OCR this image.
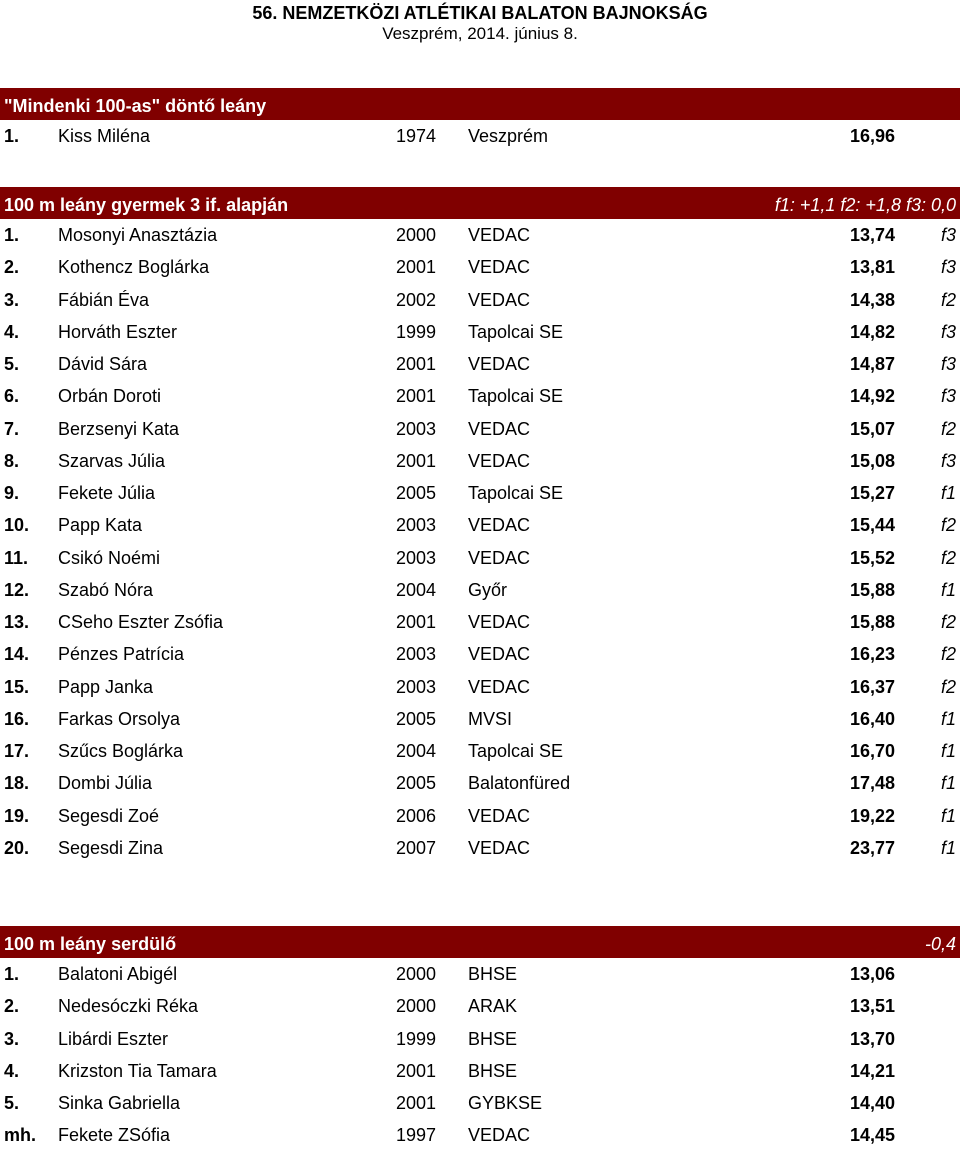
56. NEMZETKÖZI ATLÉTIKAI BALATON BAJNOKSÁG
Veszprém, 2014. június 8.
"Mindenki 100-as" döntő leány
1. Kiss Miléna	1974 Veszprém	16,96
100 m leány gyermek 3 if. alapján	f1: +1,1 f2: +1,8 f3: 0,0
1. Mosonyi Anasztázia	2000 VEDAC	13,74	f3
2. Kothencz Boglárka	2001 VEDAC	13,81	f3
3. Fábián Éva	2002 VEDAC	14,38	f2
4. Horváth Eszter	1999 Tapolcai SE	14,82	f3
5. Dávid Sára	2001 VEDAC	14,87	f3
6. Orbán Doroti	2001 Tapolcai SE	14,92	f3
7. Berzsenyi Kata	2003 VEDAC	15,07	f2
8. Szarvas Júlia	2001 VEDAC	15,08	f3
9. Fekete Júlia	2005 Tapolcai SE	15,27	f1
10. Papp Kata	2003 VEDAC	15,44	f2
11. Csikó Noémi	2003 VEDAC	15,52	f2
12. Szabó Nóra	2004 Győr	15,88	f1
13. CSeho Eszter Zsófia	2001 VEDAC	15,88	f2
14. Pénzes Patrícia	2003 VEDAC	16,23	f2
15. Papp Janka	2003 VEDAC	16,37	f2
16. Farkas Orsolya	2005 MVSI	16,40	f1
17. Szűcs Boglárka	2004 Tapolcai SE	16,70	f1
18. Dombi Júlia	2005 Balatonfüred	17,48	f1
19. Segesdi Zoé	2006 VEDAC	19,22	f1
20. Segesdi Zina	2007 VEDAC	23,77	f1
100 m leány serdülő	-0,4
1. Balatoni Abigél	2000 BHSE	13,06
2. Nedesóczki Réka	2000 ARAK	13,51
3. Libárdi Eszter	1999 BHSE	13,70
4. Krizston Tia Tamara	2001 BHSE	14,21
5. Sinka Gabriella	2001 GYBKSE	14,40
mh. Fekete ZSófia	1997 VEDAC	14,45
